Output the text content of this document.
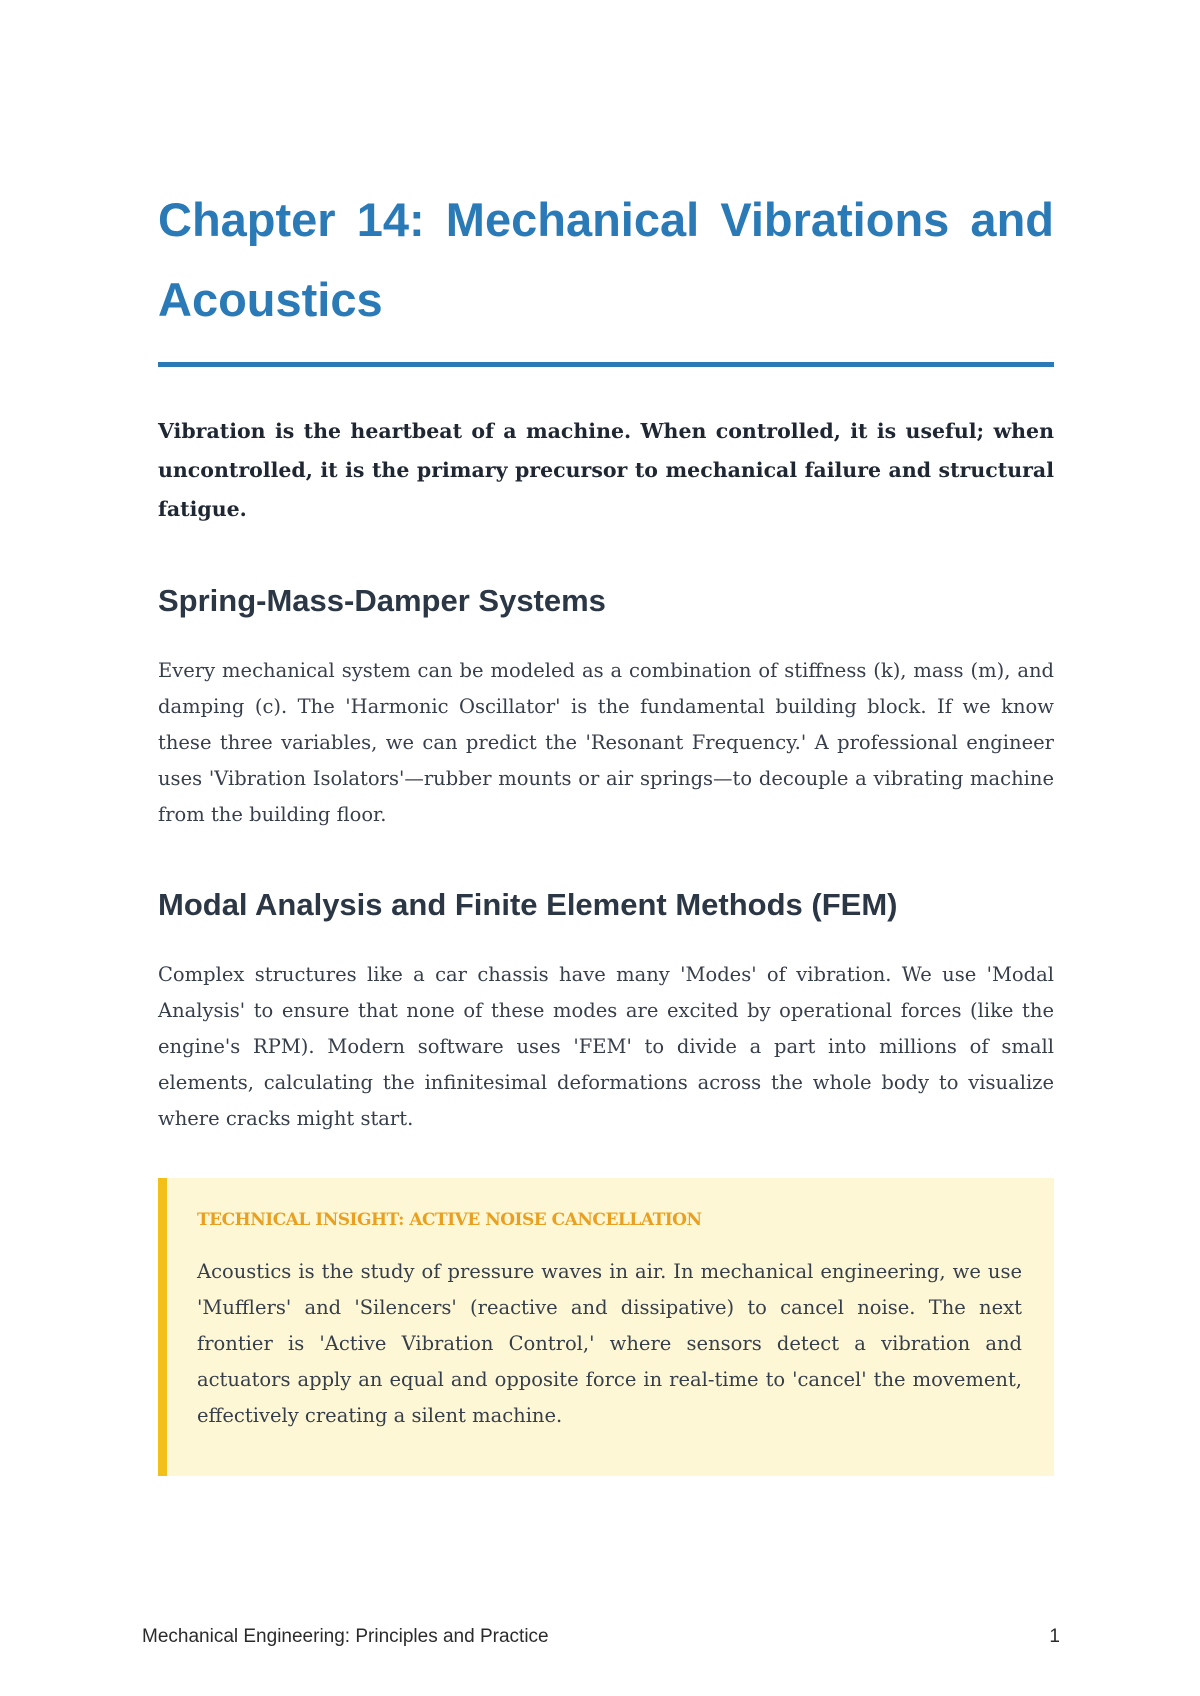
Chapter 14: Mechanical Vibrations and Acoustics

Vibration is the heartbeat of a machine. When controlled, it is useful; when uncontrolled, it is the primary precursor to mechanical failure and structural fatigue.

Spring-Mass-Damper Systems

Every mechanical system can be modeled as a combination of stiffness (k), mass (m), and damping (c). The 'Harmonic Oscillator' is the fundamental building block. If we know these three variables, we can predict the 'Resonant Frequency.' A professional engineer uses 'Vibration Isolators'—rubber mounts or air springs—to decouple a vibrating machine from the building floor.

Modal Analysis and Finite Element Methods (FEM)

Complex structures like a car chassis have many 'Modes' of vibration. We use 'Modal Analysis' to ensure that none of these modes are excited by operational forces (like the engine's RPM). Modern software uses 'FEM' to divide a part into millions of small elements, calculating the infinitesimal deformations across the whole body to visualize where cracks might start.

TECHNICAL INSIGHT: ACTIVE NOISE CANCELLATION

Acoustics is the study of pressure waves in air. In mechanical engineering, we use 'Mufflers' and 'Silencers' (reactive and dissipative) to cancel noise. The next frontier is 'Active Vibration Control,' where sensors detect a vibration and actuators apply an equal and opposite force in real-time to 'cancel' the movement, effectively creating a silent machine.

Mechanical Engineering: Principles and Practice	1
